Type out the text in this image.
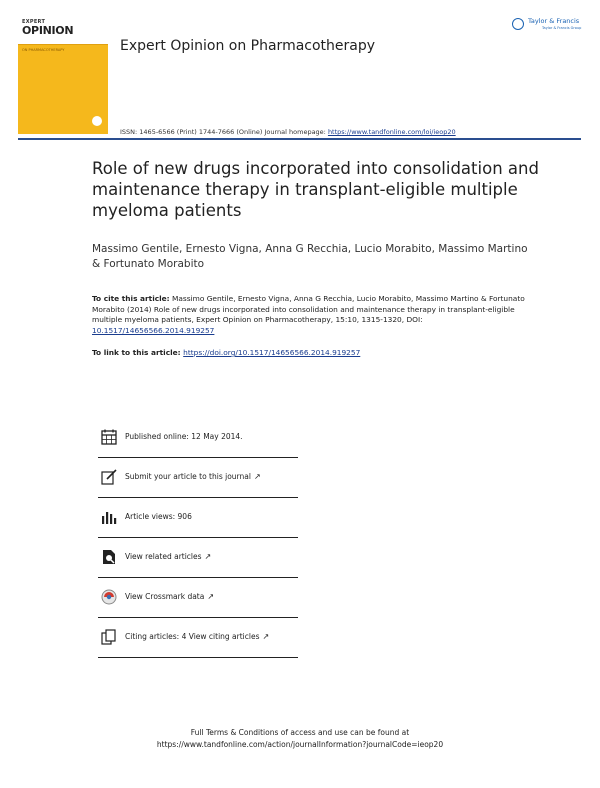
EXPERT
OPINION
ON PHARMACOTHERAPY	Expert Opinion on Pharmacotherapy
ISSN: 1465-6566 (Print) 1744-7666 (Online) Journal homepage: https://www.tandfonline.com/loi/ieop20
Taylor & Francis
Taylor & Francis Group
Role of new drugs incorporated into consolidation and maintenance therapy in transplant-eligible multiple myeloma patients
Massimo Gentile, Ernesto Vigna, Anna G Recchia, Lucio Morabito, Massimo Martino & Fortunato Morabito
To cite this article: Massimo Gentile, Ernesto Vigna, Anna G Recchia, Lucio Morabito, Massimo Martino & Fortunato Morabito (2014) Role of new drugs incorporated into consolidation and maintenance therapy in transplant-eligible multiple myeloma patients, Expert Opinion on Pharmacotherapy, 15:10, 1315-1320, DOI: 10.1517/14656566.2014.919257
To link to this article: https://doi.org/10.1517/14656566.2014.919257
Published online: 12 May 2014.
Submit your article to this journal ↗
Article views: 906
View related articles ↗
View Crossmark data ↗
Citing articles: 4 View citing articles ↗
Full Terms & Conditions of access and use can be found at
https://www.tandfonline.com/action/journalInformation?journalCode=ieop20
